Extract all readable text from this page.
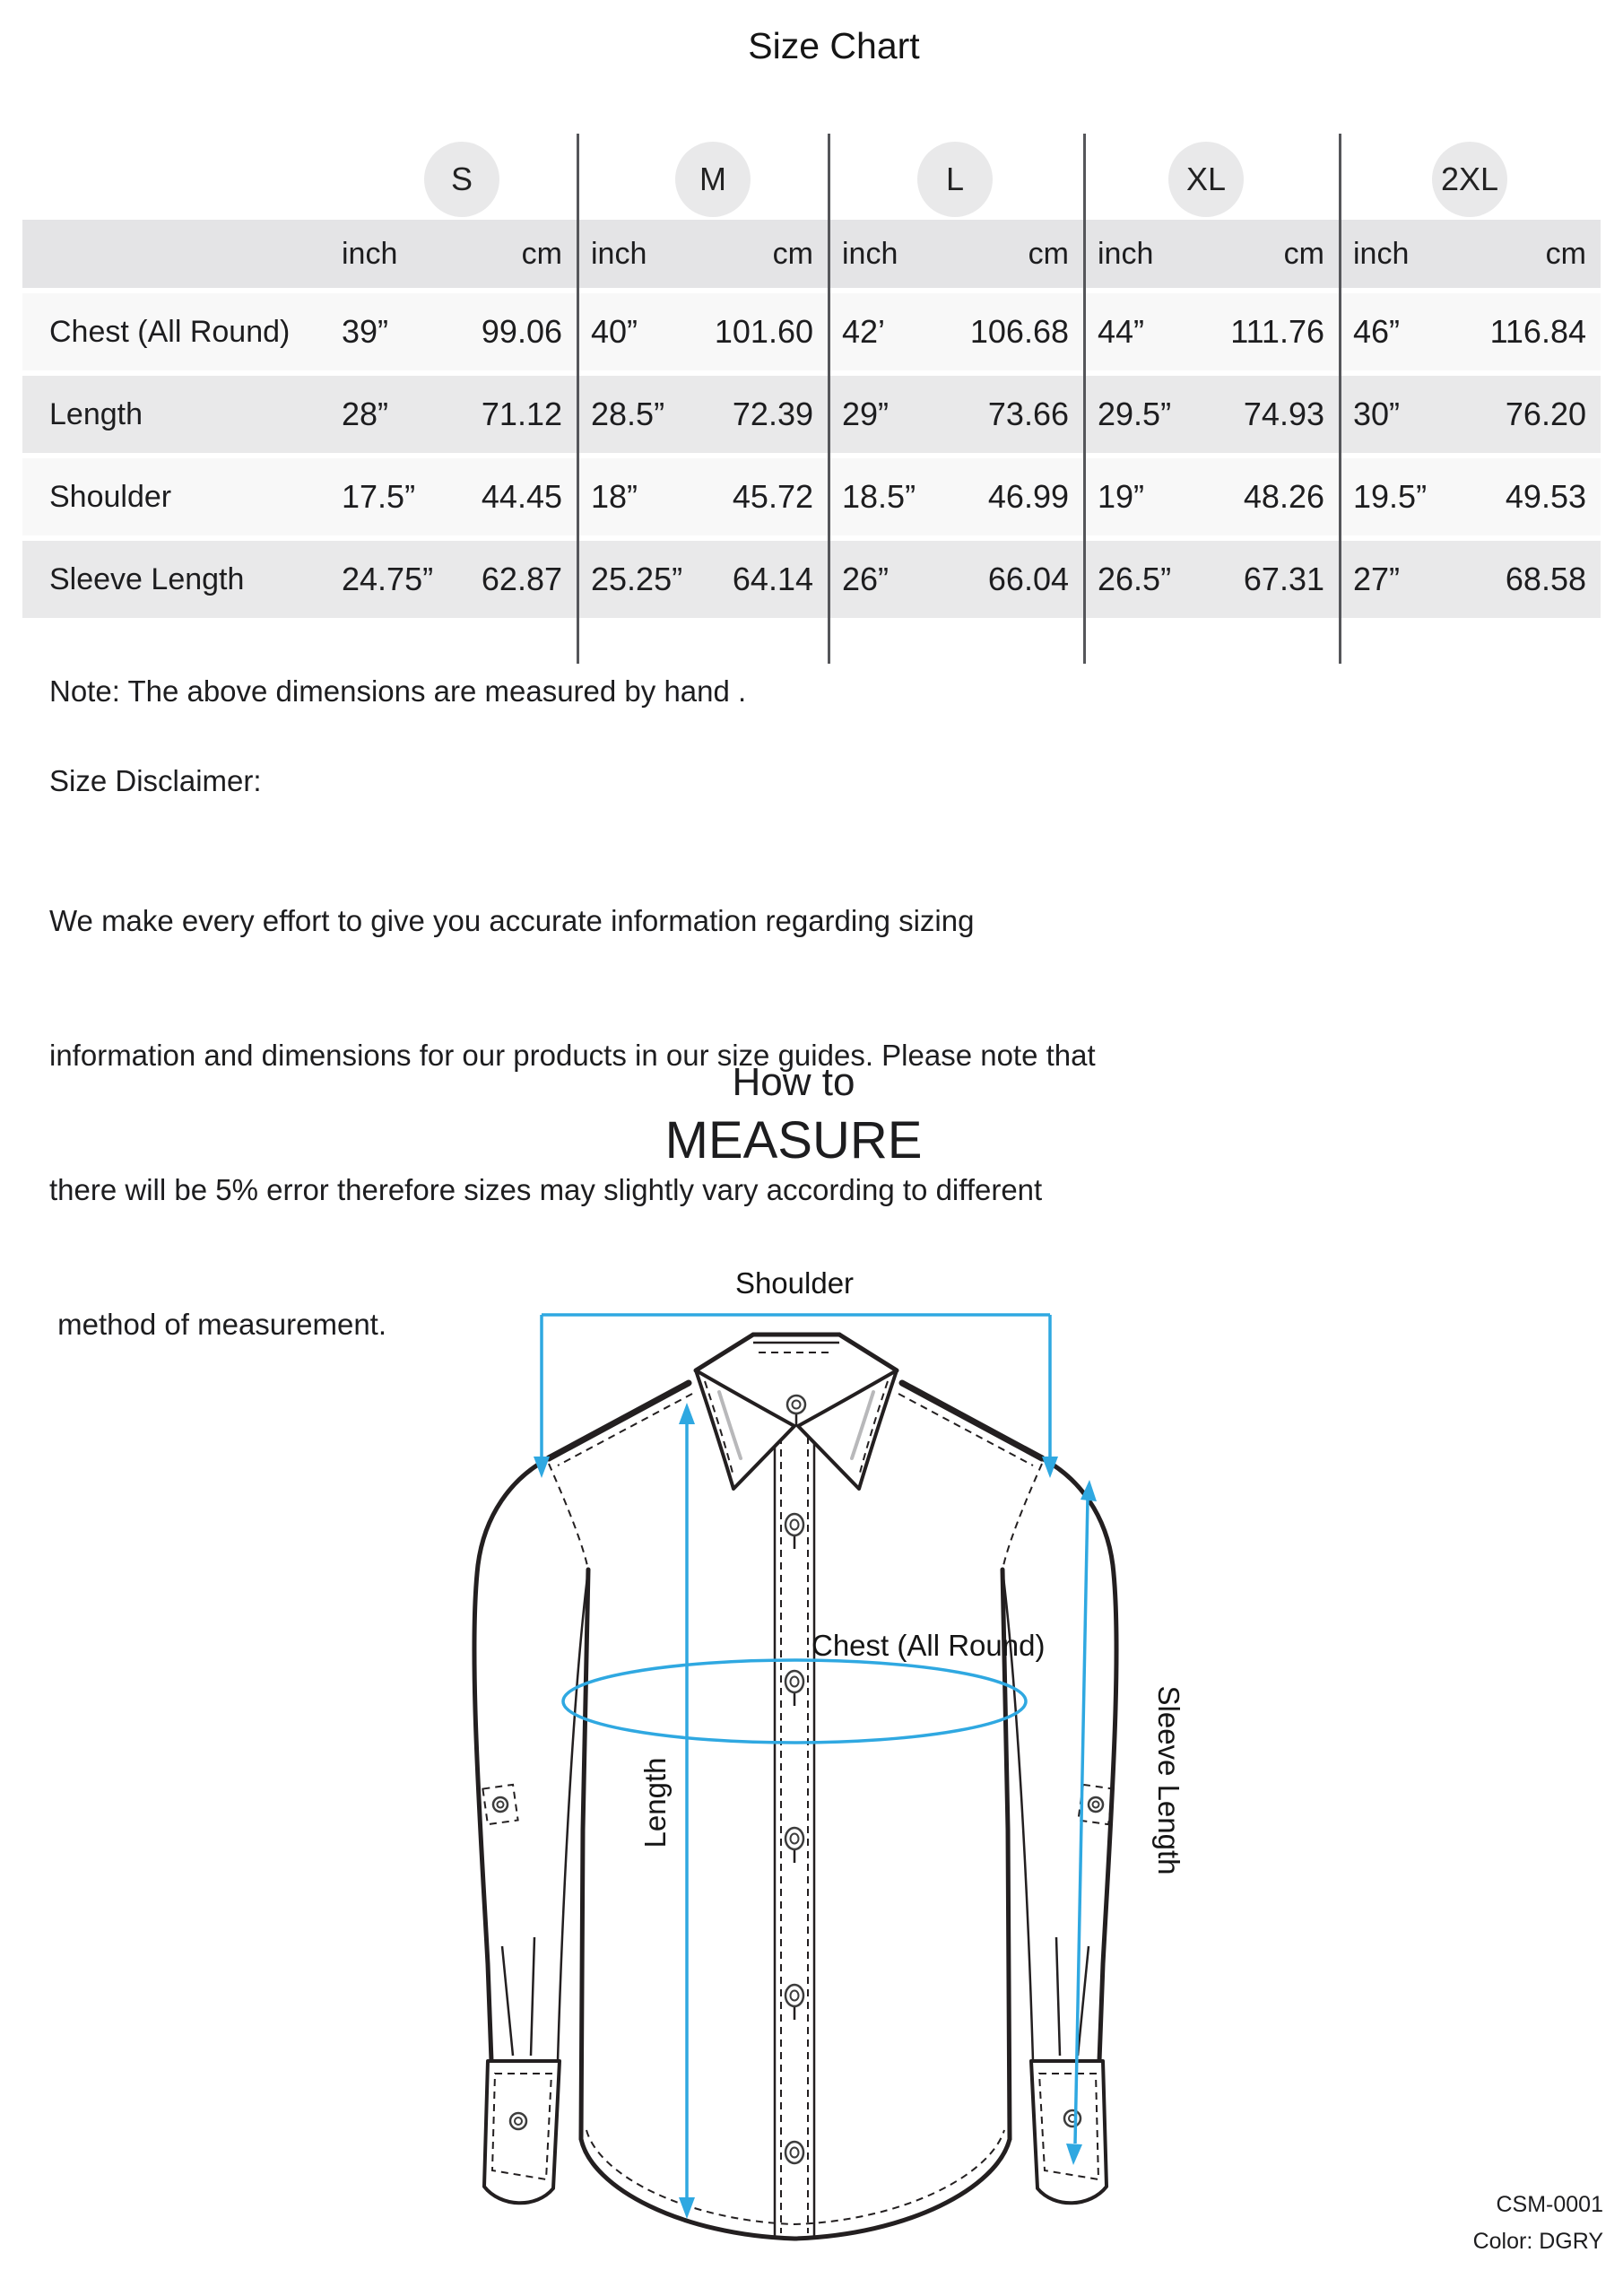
Size Chart
S	M	L	XL	2XL
inch	cm inch	cm inch	cm inch	cm inch	cm
Chest (All Round)	39”	99.06 40” 101.60 42’	106.68 44”	111.76 46”	116.84
Length	28”	71.12 28.5” 72.39 29”	73.66 29.5” 74.93 30”	76.20
Shoulder	17.5” 44.45 18”	45.72 18.5” 46.99 19”	48.26 19.5” 49.53
Sleeve Length	24.75” 62.87 25.25” 64.14 26”	66.04 26.5” 67.31 27”	68.58
Note: The above dimensions are measured by hand .
Size Disclaimer:

We make every effort to give you accurate information regarding sizing

information and dimensions for our products in our size guides. Please note that

there will be 5% error therefore sizes may slightly vary according to different

method of measurement.

How to
MEASURE
Shoulder
Chest (All Round)
Length	Sleeve Length
CSM-0001
Color: DGRY
